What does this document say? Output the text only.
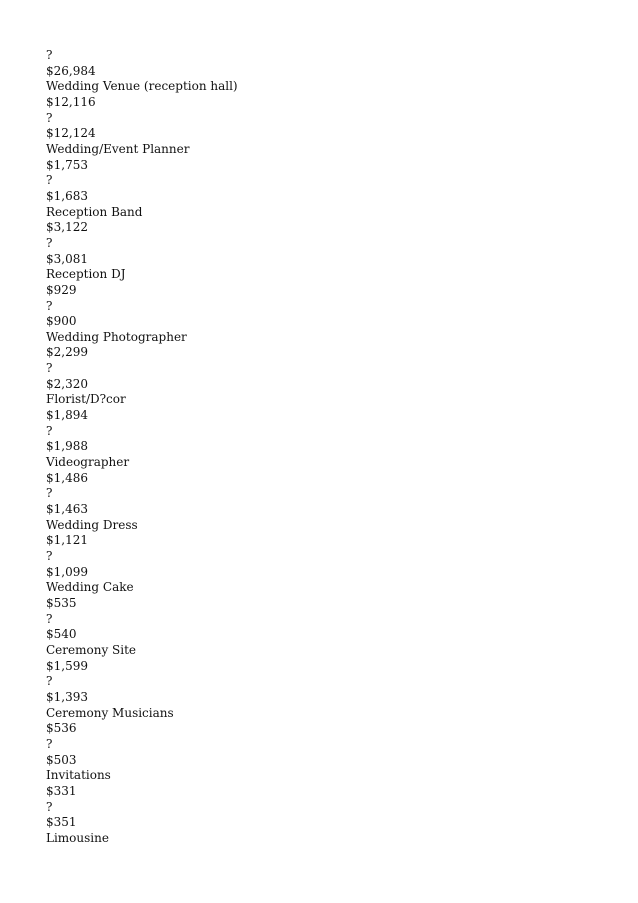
?

$26,984

Wedding Venue (reception hall)

$12,116

?

$12,124

Wedding/Event Planner

$1,753

?

$1,683

Reception Band

$3,122

?

$3,081

Reception DJ

$929

?

$900

Wedding Photographer

$2,299

?

$2,320

Florist/D?cor

$1,894

?

$1,988

Videographer

$1,486

?

$1,463

Wedding Dress

$1,121

?

$1,099

Wedding Cake

$535

?

$540

Ceremony Site

$1,599

?

$1,393

Ceremony Musicians

$536

?

$503

Invitations

$331

?

$351

Limousine
